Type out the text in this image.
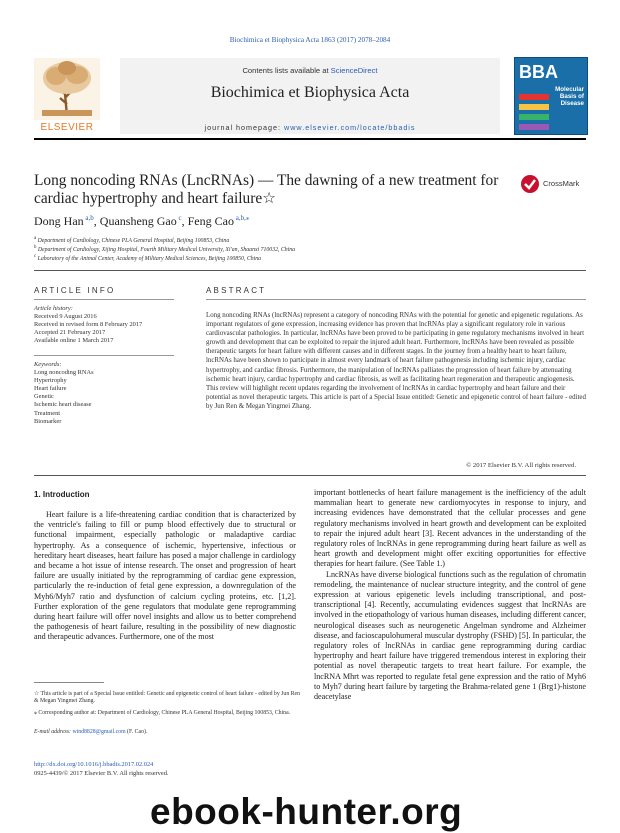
Biochimica et Biophysica Acta 1863 (2017) 2078–2084
ELSEVIER
Contents lists available at ScienceDirect
Biochimica et Biophysica Acta
journal homepage: www.elsevier.com/locate/bbadis
BBA
Molecular Basis of Disease
Long noncoding RNAs (LncRNAs) — The dawning of a new treatment for cardiac hypertrophy and heart failure☆
CrossMark
Dong Han $^{a,b}$, Quansheng Gao $^c$, Feng Cao $^{a,b,⁎}$
$^a$ Department of Cardiology, Chinese PLA General Hospital, Beijing 100853, China
$^b$ Department of Cardiology, Xijing Hospital, Fourth Military Medical University, Xi'an, Shaanxi 710032, China
$^c$ Laboratory of the Animal Center, Academy of Military Medical Sciences, Beijing 100850, China
ARTICLE INFO
Article history:
Received 9 August 2016
Received in revised form 8 February 2017
Accepted 21 February 2017
Available online 1 March 2017
Keywords:
Long noncoding RNAs
Hypertrophy
Heart failure
Genetic
Ischemic heart disease
Treatment
Biomarker
ABSTRACT
Long noncoding RNAs (lncRNAs) represent a category of noncoding RNAs with the potential for genetic and epigenetic regulations. As important regulators of gene expression, increasing evidence has proven that lncRNAs play a significant regulatory role in various cardiovascular pathologies. In particular, lncRNAs have been proved to be participating in gene regulatory mechanisms involved in heart growth and development that can be exploited to repair the injured adult heart. Furthermore, lncRNAs have been revealed as possible therapeutic targets for heart failure with different causes and in different stages. In the journey from a healthy heart to heart failure, lncRNAs have been shown to participate in almost every landmark of heart failure pathogenesis including ischemic injury, cardiac hypertrophy, and cardiac fibrosis. Furthermore, the manipulation of lncRNAs palliates the progression of heart failure by attenuating ischemic heart injury, cardiac hypertrophy and cardiac fibrosis, as well as facilitating heart regeneration and therapeutic angiogenesis. This review will highlight recent updates regarding the involvement of lncRNAs in cardiac hypertrophy and heart failure and their potential as novel therapeutic targets. This article is part of a Special Issue entitled: Genetic and epigenetic control of heart failure - edited by Jun Ren & Megan Yingmei Zhang.
© 2017 Elsevier B.V. All rights reserved.
1. Introduction

Heart failure is a life-threatening cardiac condition that is characterized by the ventricle's failing to fill or pump blood effectively due to structural or functional impairment, especially pathologic or maladaptive cardiac hypertrophy. As a consequence of ischemic, hypertensive, infectious or hereditary heart diseases, heart failure has posed a major challenge in cardiology and became a hot issue of intense research. The onset and progression of heart failure are usually initiated by the reprogramming of cardiac gene expression, particularly the re-induction of fetal gene expression, a downregulation of the Myh6/Myh7 ratio and dysfunction of calcium cycling proteins, etc. [1,2]. Further exploration of the gene regulators that modulate gene reprogramming during heart failure will offer novel insights and allow us to better comprehend the pathogenesis of heart failure, resulting in the possibility of new diagnostic and therapeutic advances. Furthermore, one of the most

important bottlenecks of heart failure management is the inefficiency of the adult mammalian heart to generate new cardiomyocytes in response to injury, and increasing evidences have demonstrated that the cellular processes and gene regulatory mechanisms involved in heart growth and development can be exploited to repair the injured adult heart [3]. Recent advances in the understanding of the regulatory roles of lncRNAs in gene reprogramming during heart failure as well as heart growth and development might offer exciting opportunities for effective therapies for heart failure. (See Table 1.)

LncRNAs have diverse biological functions such as the regulation of chromatin remodeling, the maintenance of nuclear structure integrity, and the control of gene expression at various epigenetic levels including transcriptional, and post-transcriptional [4]. Recently, accumulating evidences suggest that lncRNAs are involved in the etiopathology of various human diseases, including different cancer, neurological diseases such as neurogenetic Angelman syndrome and Alzheimer disease, and facioscapulohumeral muscular dystrophy (FSHD) [5]. In particular, the regulatory roles of lncRNAs in cardiac gene reprogramming during cardiac hypertrophy and heart failure have triggered tremendous interest in exploring their potential as novel therapeutic targets to treat heart failure. For example, the lncRNA Mhrt was reported to regulate fetal gene expression and the ratio of Myh6 to Myh7 during heart failure by targeting the Brahma-related gene 1 (Brg1)-histone deacetylase

☆ This article is part of a Special Issue entitled: Genetic and epigenetic control of heart failure - edited by Jun Ren & Megan Yingmei Zhang.
⁎ Corresponding author at: Department of Cardiology, Chinese PLA General Hospital, Beijing 100853, China.
E-mail address: wind8828@gmail.com (F. Cao).
http://dx.doi.org/10.1016/j.bbadis.2017.02.024
0925-4439/© 2017 Elsevier B.V. All rights reserved.
ebook-hunter.org
